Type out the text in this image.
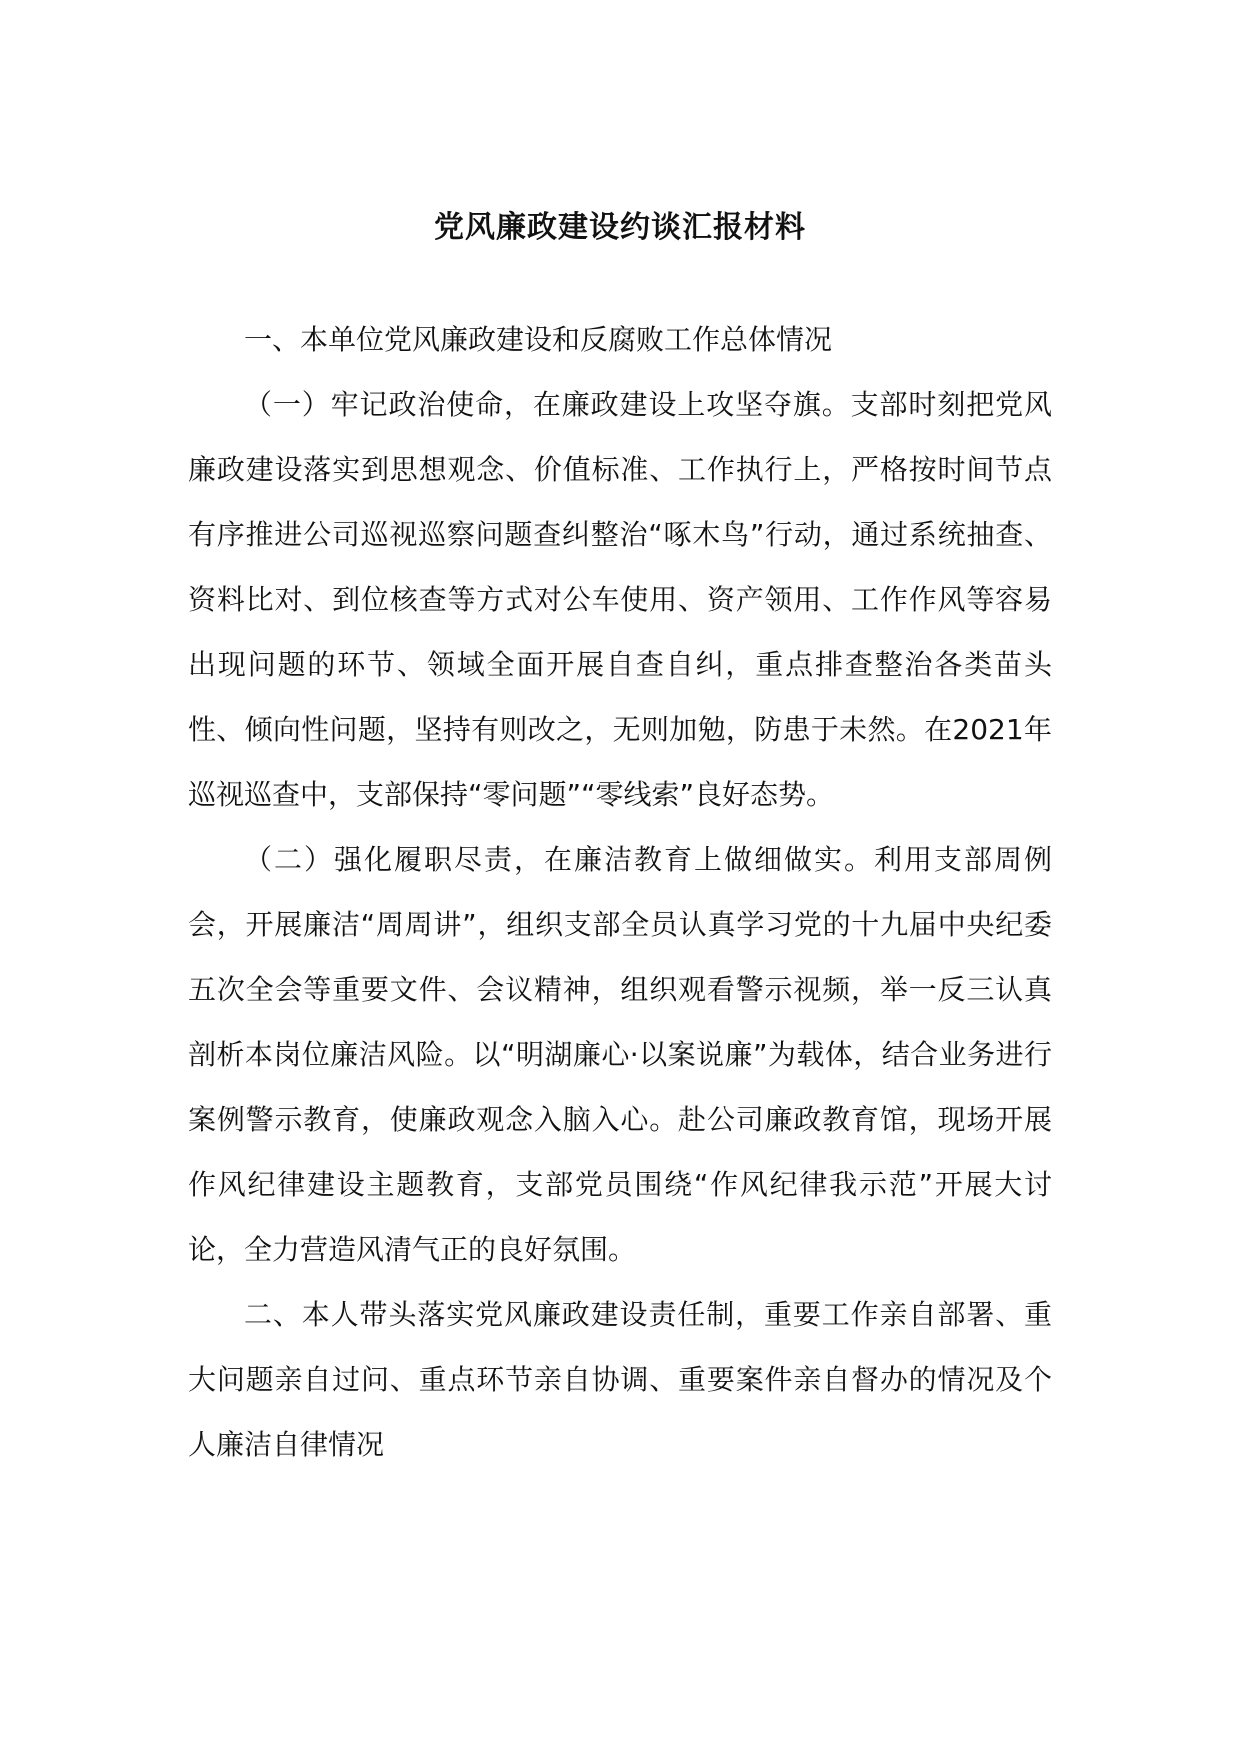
党风廉政建设约谈汇报材料

一、本单位党风廉政建设和反腐败工作总体情况

（一）牢记政治使命，在廉政建设上攻坚夺旗。支部时刻把党风廉政建设落实到思想观念、价值标准、工作执行上，严格按时间节点有序推进公司巡视巡察问题查纠整治“啄木鸟”行动，通过系统抽查、资料比对、到位核查等方式对公车使用、资产领用、工作作风等容易出现问题的环节、领域全面开展自查自纠，重点排查整治各类苗头性、倾向性问题，坚持有则改之，无则加勉，防患于未然。在2021年巡视巡查中，支部保持“零问题”“零线索”良好态势。

（二）强化履职尽责，在廉洁教育上做细做实。利用支部周例会，开展廉洁“周周讲”，组织支部全员认真学习党的十九届中央纪委五次全会等重要文件、会议精神，组织观看警示视频，举一反三认真剖析本岗位廉洁风险。以“明湖廉心·以案说廉”为载体，结合业务进行案例警示教育，使廉政观念入脑入心。赴公司廉政教育馆，现场开展作风纪律建设主题教育，支部党员围绕“作风纪律我示范”开展大讨论，全力营造风清气正的良好氛围。

二、本人带头落实党风廉政建设责任制，重要工作亲自部署、重大问题亲自过问、重点环节亲自协调、重要案件亲自督办的情况及个人廉洁自律情况
